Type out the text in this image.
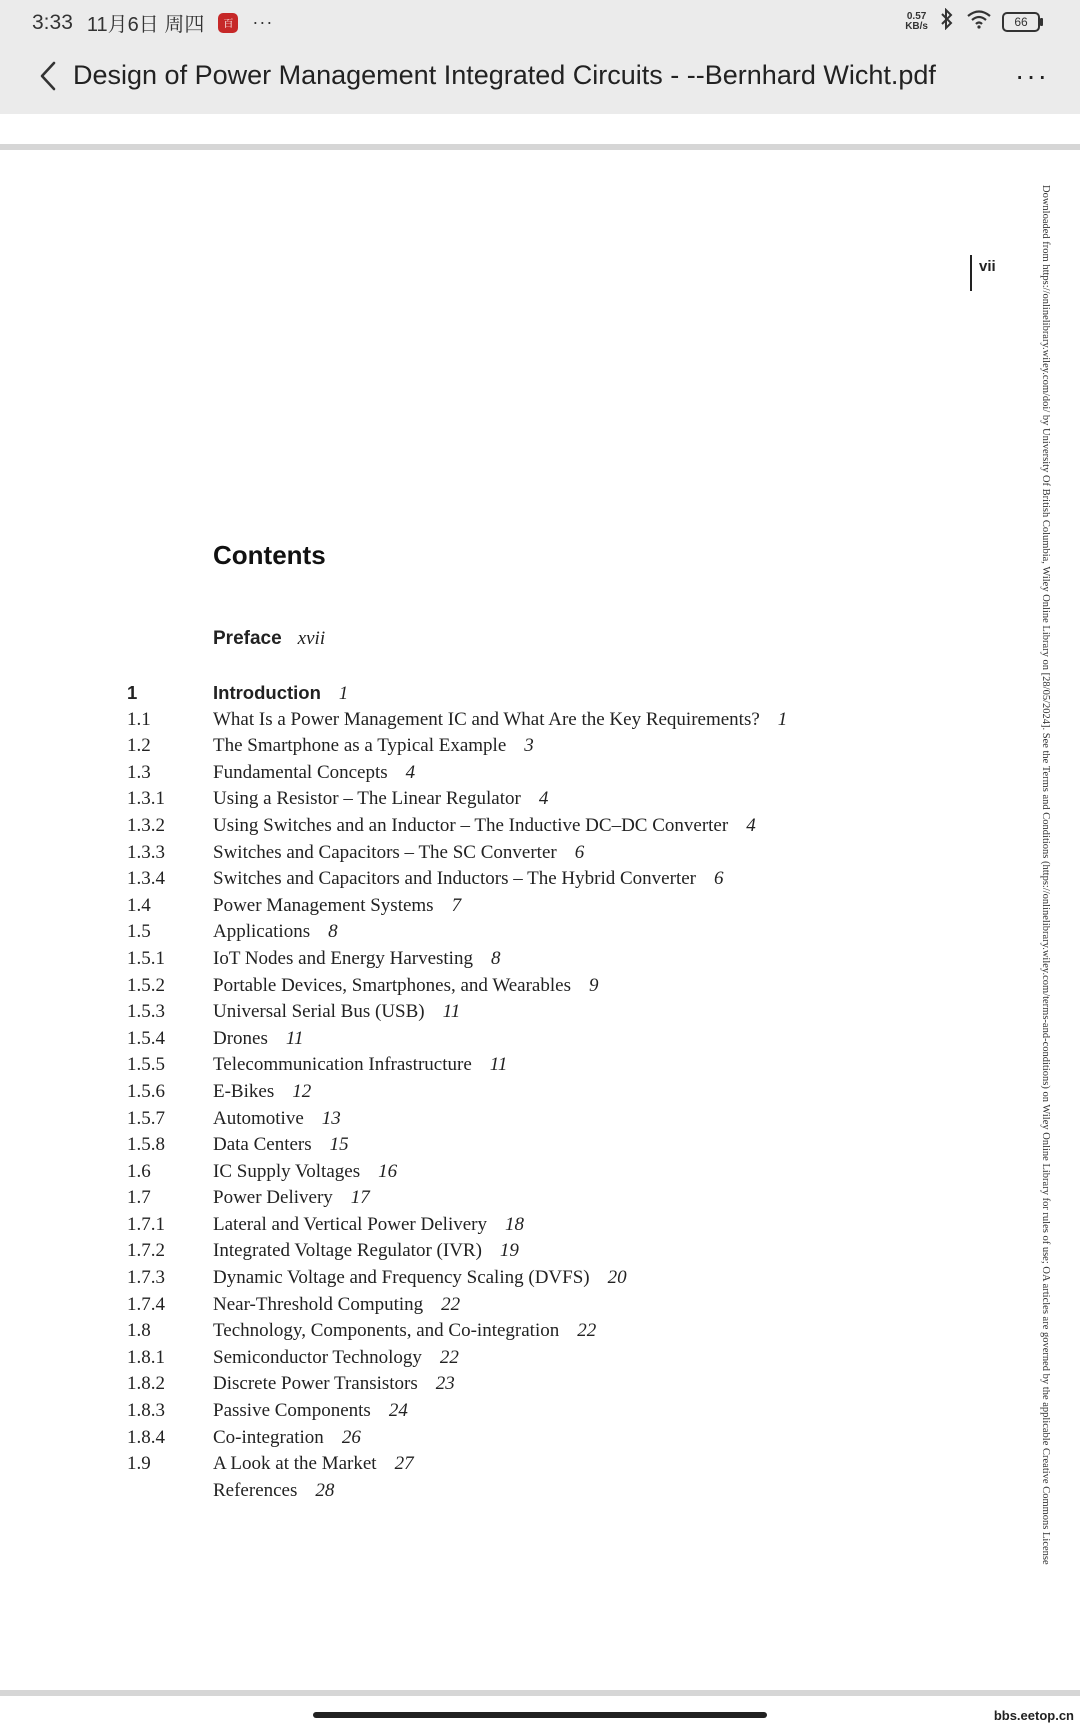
3:33 11月6日 周四	百 ···	0.57
KB/s	66
Design of Power Management Integrated Circuits - --Bernhard Wicht.pdf	···
vii	Downloaded from https://onlinelibrary.wiley.com/doi/ by University Of British Columbia, Wiley Online Library on [28/05/2024]. See the Terms and Conditions (https://onlinelibrary.wiley.com/terms-and-conditions) on Wiley Online Library for rules of use; OA articles are governed by the applicable Creative Commons License
Contents
Preface xvii
1	Introduction 1
1.1	What Is a Power Management IC and What Are the Key Requirements? 1
1.2	The Smartphone as a Typical Example 3
1.3	Fundamental Concepts 4
1.3.1	Using a Resistor – The Linear Regulator 4
1.3.2	Using Switches and an Inductor – The Inductive DC–DC Converter 4
1.3.3	Switches and Capacitors – The SC Converter 6
1.3.4	Switches and Capacitors and Inductors – The Hybrid Converter 6
1.4	Power Management Systems 7
1.5	Applications 8
1.5.1	IoT Nodes and Energy Harvesting 8
1.5.2	Portable Devices, Smartphones, and Wearables 9
1.5.3	Universal Serial Bus (USB) 11
1.5.4	Drones 11
1.5.5	Telecommunication Infrastructure 11
1.5.6	E-Bikes 12
1.5.7	Automotive 13
1.5.8	Data Centers 15
1.6	IC Supply Voltages 16
1.7	Power Delivery 17
1.7.1	Lateral and Vertical Power Delivery 18
1.7.2	Integrated Voltage Regulator (IVR) 19
1.7.3	Dynamic Voltage and Frequency Scaling (DVFS) 20
1.7.4	Near-Threshold Computing 22
1.8	Technology, Components, and Co-integration 22
1.8.1	Semiconductor Technology 22
1.8.2	Discrete Power Transistors 23
1.8.3	Passive Components 24
1.8.4	Co-integration 26
1.9	A Look at the Market 27
References 28
bbs.eetop.cn
